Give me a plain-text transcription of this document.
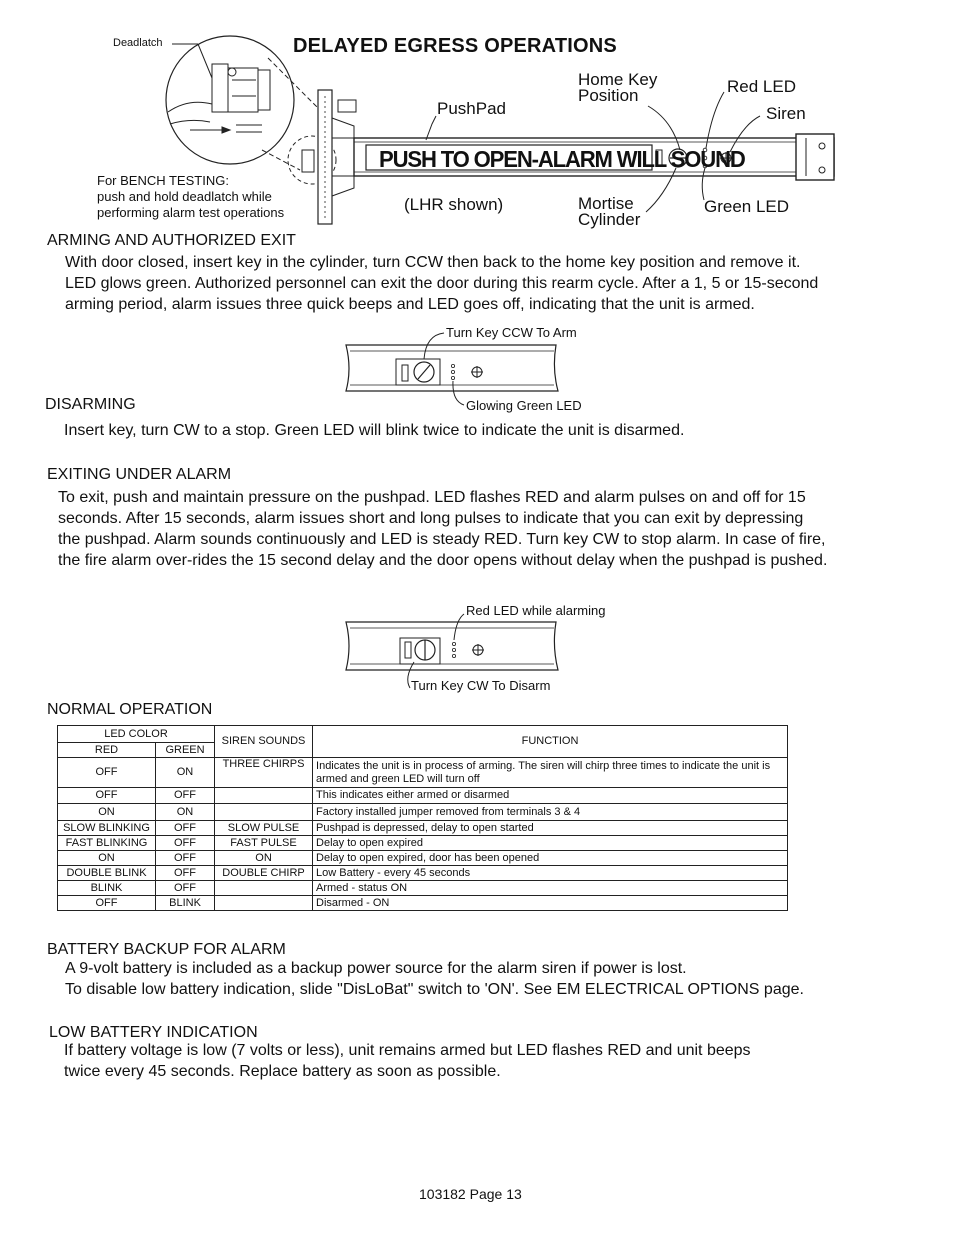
DELAYED EGRESS OPERATIONS
PUSH TO OPEN-ALARM WILL SOUND
Deadlatch
For BENCH TESTING:
push and hold deadlatch while
performing alarm test operations
PushPad
(LHR shown)
Home Key
Position
Mortise
Cylinder
Red LED
Siren
Green LED
ARMING AND AUTHORIZED EXIT
With door closed, insert key in the cylinder, turn CCW then back to the home key position and remove it.
LED glows green. Authorized personnel can exit the door during this rearm cycle. After a 1, 5 or 15-second
arming period, alarm issues three quick beeps and LED goes off, indicating that the unit is armed.
Turn Key CCW To Arm
Glowing Green LED
DISARMING
Insert key, turn CW to a stop. Green LED will blink twice to indicate the unit is disarmed.
EXITING UNDER ALARM
To exit, push and maintain pressure on the pushpad. LED flashes RED and alarm pulses on and off for 15
seconds. After 15 seconds, alarm issues short and long pulses to indicate that you can exit by depressing
the pushpad. Alarm sounds continuously and LED is steady RED. Turn key CW to stop alarm. In case of fire,
the fire alarm over-rides the 15 second delay and the door opens without delay when the pushpad is pushed.
Red LED while alarming
Turn Key CW To Disarm
NORMAL OPERATION
LED COLOR		SIREN SOUNDS	FUNCTION
RED	GREEN		
OFF	ON	THREE CHIRPS	Indicates the unit is in process of arming. The siren will chirp three times to indicate the unit is armed and green LED will turn off
OFF	OFF		This indicates either armed or disarmed
ON	ON		Factory installed jumper removed from terminals 3 & 4
SLOW BLINKING	OFF	SLOW PULSE	Pushpad is depressed, delay to open started
FAST BLINKING	OFF	FAST PULSE	Delay to open expired
ON	OFF	ON	Delay to open expired, door has been opened
DOUBLE BLINK	OFF	DOUBLE CHIRP	Low Battery - every 45 seconds
BLINK	OFF		Armed - status ON
OFF	BLINK		Disarmed - ON
BATTERY BACKUP FOR ALARM
A 9-volt battery is included as a backup power source for the alarm siren if power is lost.
To disable low battery indication, slide "DisLoBat" switch to 'ON'. See EM ELECTRICAL OPTIONS page.
LOW BATTERY INDICATION
If battery voltage is low (7 volts or less), unit remains armed but LED flashes RED and unit beeps
twice every 45 seconds. Replace battery as soon as possible.
103182 Page 13
